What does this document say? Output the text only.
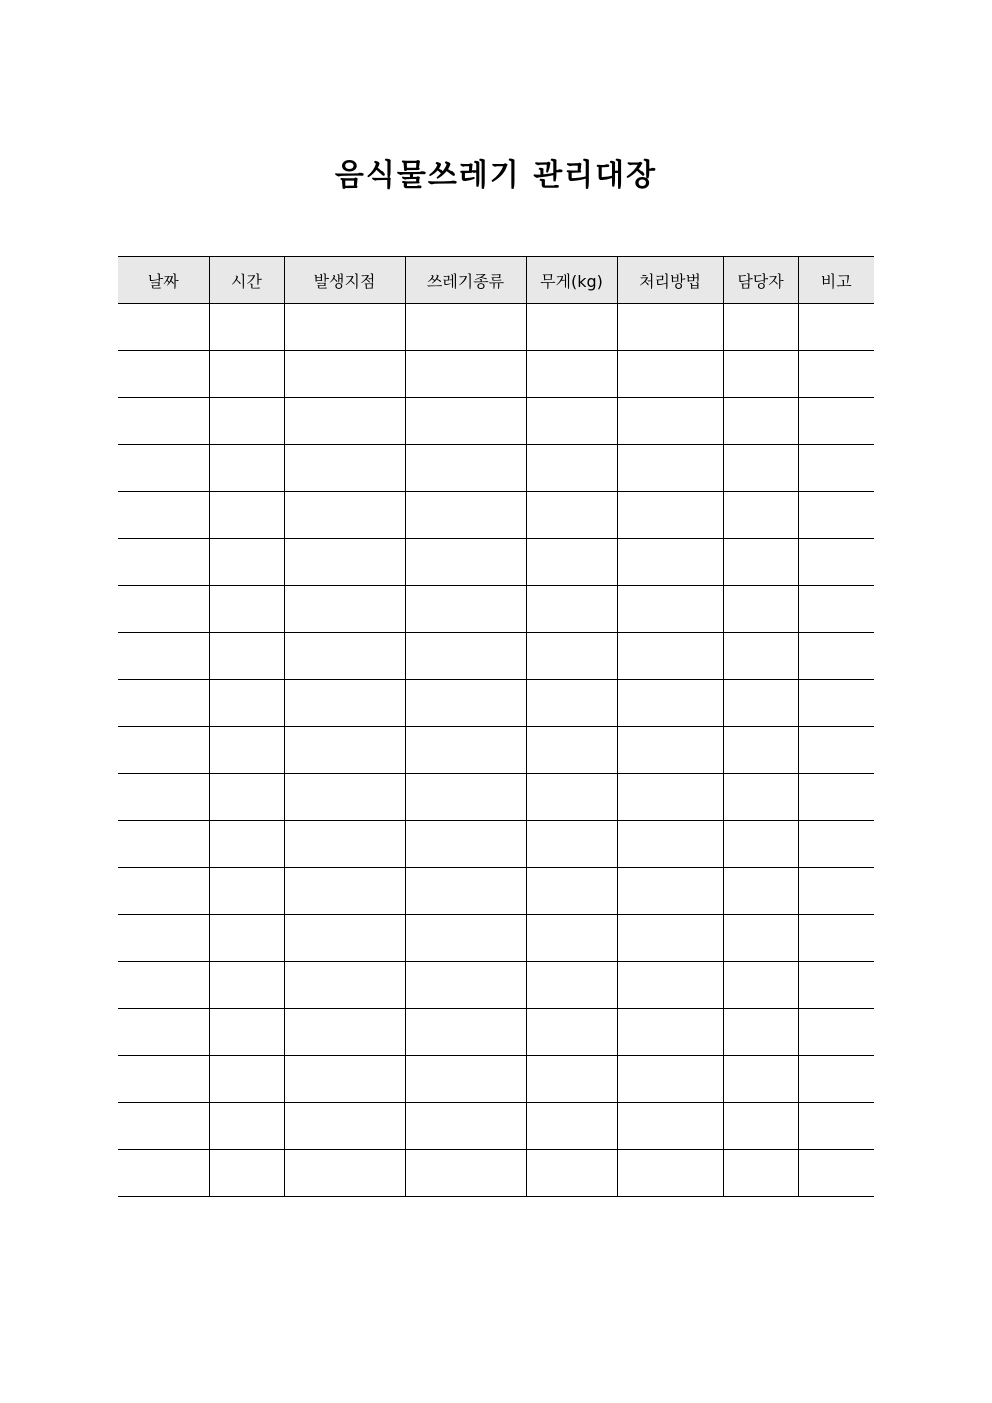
음식물쓰레기 관리대장
날짜	시간	발생지점	쓰레기종류	무게(kg)	처리방법	담당자	비고
